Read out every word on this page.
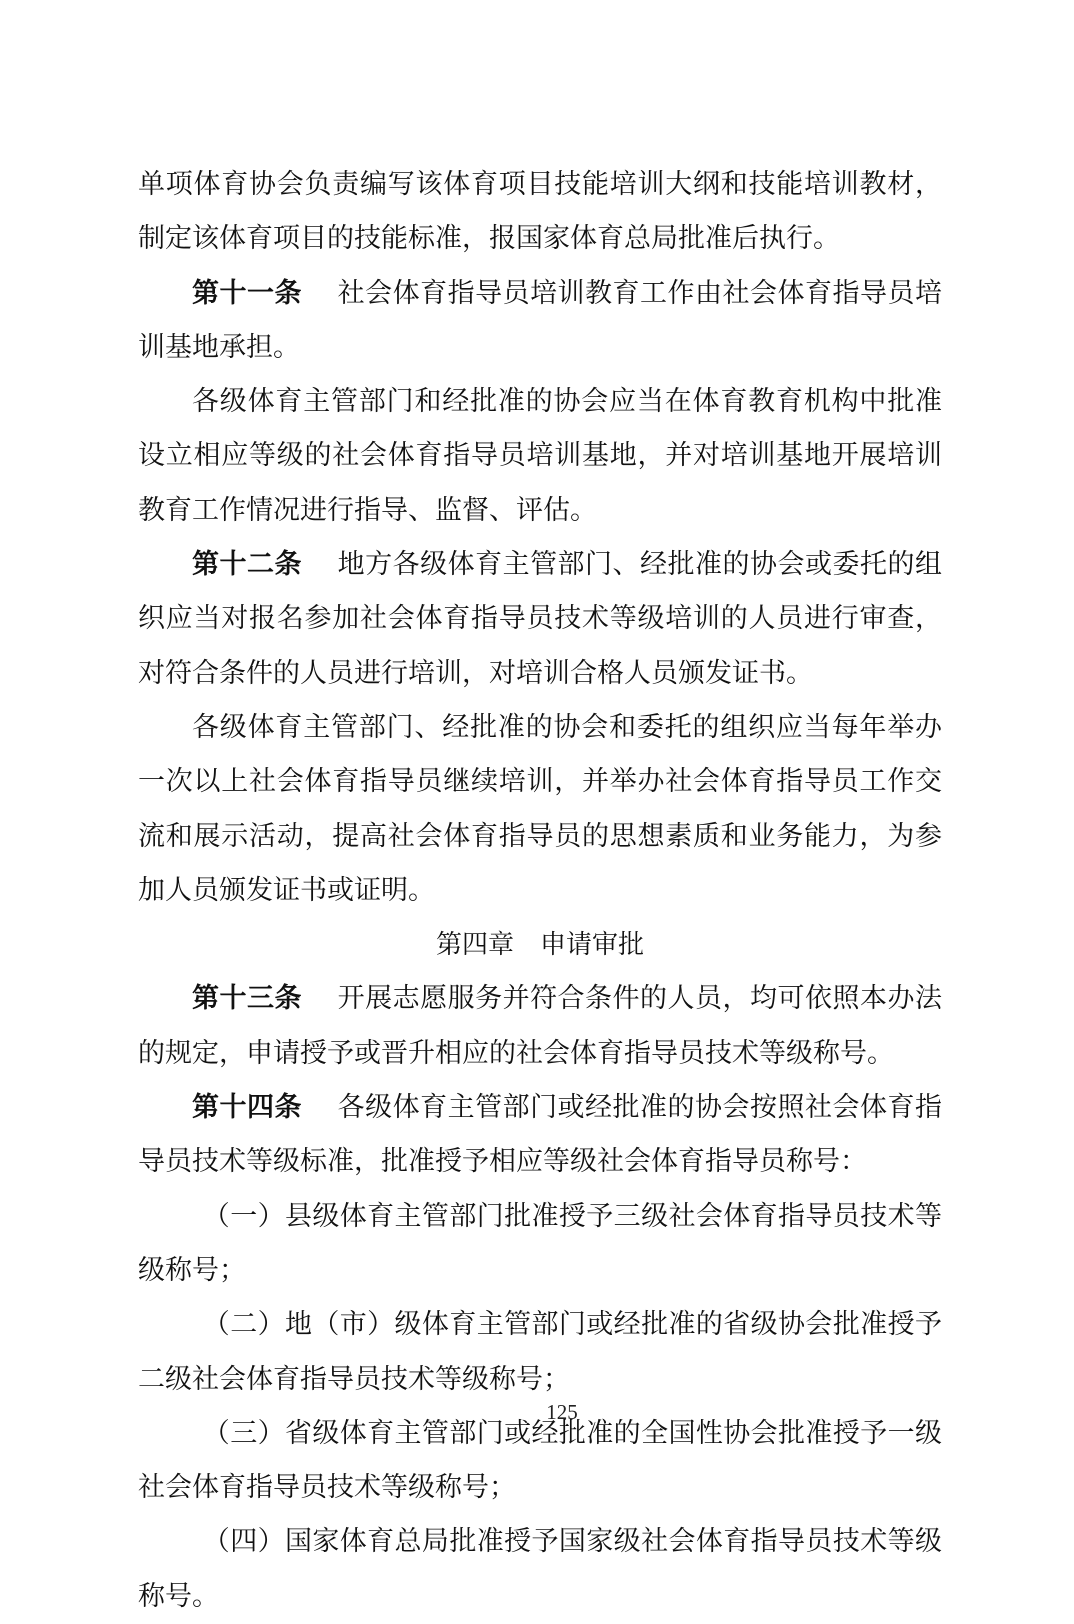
单项体育协会负责编写该体育项目技能培训大纲和技能培训教材，制定该体育项目的技能标准，报国家体育总局批准后执行。

第十一条 社会体育指导员培训教育工作由社会体育指导员培训基地承担。

各级体育主管部门和经批准的协会应当在体育教育机构中批准设立相应等级的社会体育指导员培训基地，并对培训基地开展培训教育工作情况进行指导、监督、评估。

第十二条 地方各级体育主管部门、经批准的协会或委托的组织应当对报名参加社会体育指导员技术等级培训的人员进行审查，对符合条件的人员进行培训，对培训合格人员颁发证书。

各级体育主管部门、经批准的协会和委托的组织应当每年举办一次以上社会体育指导员继续培训，并举办社会体育指导员工作交流和展示活动，提高社会体育指导员的思想素质和业务能力，为参加人员颁发证书或证明。

第四章　申请审批

第十三条 开展志愿服务并符合条件的人员，均可依照本办法的规定，申请授予或晋升相应的社会体育指导员技术等级称号。

第十四条 各级体育主管部门或经批准的协会按照社会体育指导员技术等级标准，批准授予相应等级社会体育指导员称号：

（一）县级体育主管部门批准授予三级社会体育指导员技术等级称号；

（二）地（市）级体育主管部门或经批准的省级协会批准授予二级社会体育指导员技术等级称号；

（三）省级体育主管部门或经批准的全国性协会批准授予一级社会体育指导员技术等级称号；

（四）国家体育总局批准授予国家级社会体育指导员技术等级称号。

125
